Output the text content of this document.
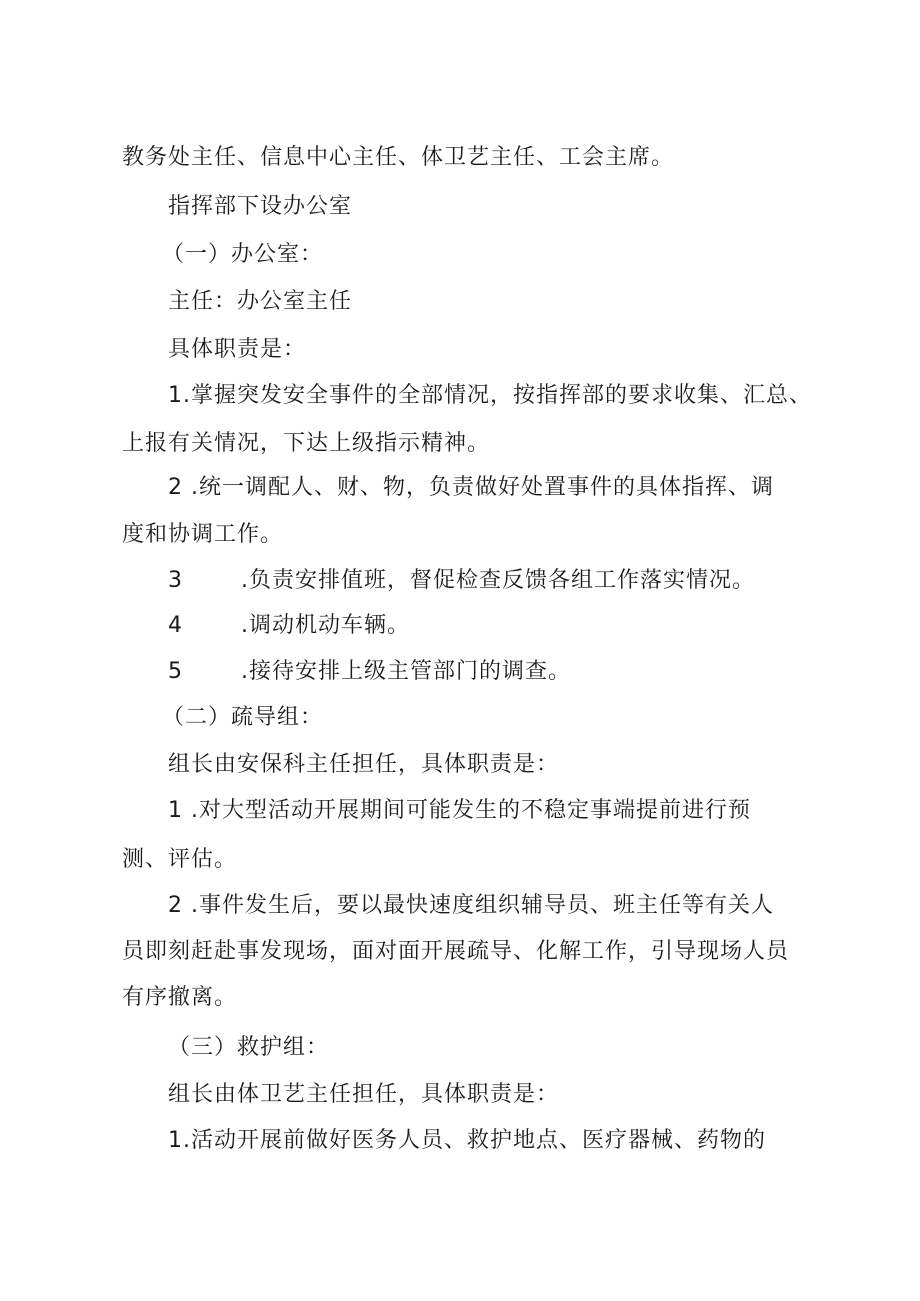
教务处主任、信息中心主任、体卫艺主任、工会主席。
指挥部下设办公室
（一）办公室：
主任：办公室主任
具体职责是：
1.掌握突发安全事件的全部情况，按指挥部的要求收集、汇总、
上报有关情况，下达上级指示精神。
2 .统一调配人、财、物，负责做好处置事件的具体指挥、调
度和协调工作。
3	.负责安排值班，督促检查反馈各组工作落实情况。
4	.调动机动车辆。
5	.接待安排上级主管部门的调查。
（二）疏导组：
组长由安保科主任担任，具体职责是：
1 .对大型活动开展期间可能发生的不稳定事端提前进行预
测、评估。
2 .事件发生后，要以最快速度组织辅导员、班主任等有关人
员即刻赶赴事发现场，面对面开展疏导、化解工作，引导现场人员
有序撤离。
（三）救护组：
组长由体卫艺主任担任，具体职责是：
1.活动开展前做好医务人员、救护地点、医疗器械、药物的
